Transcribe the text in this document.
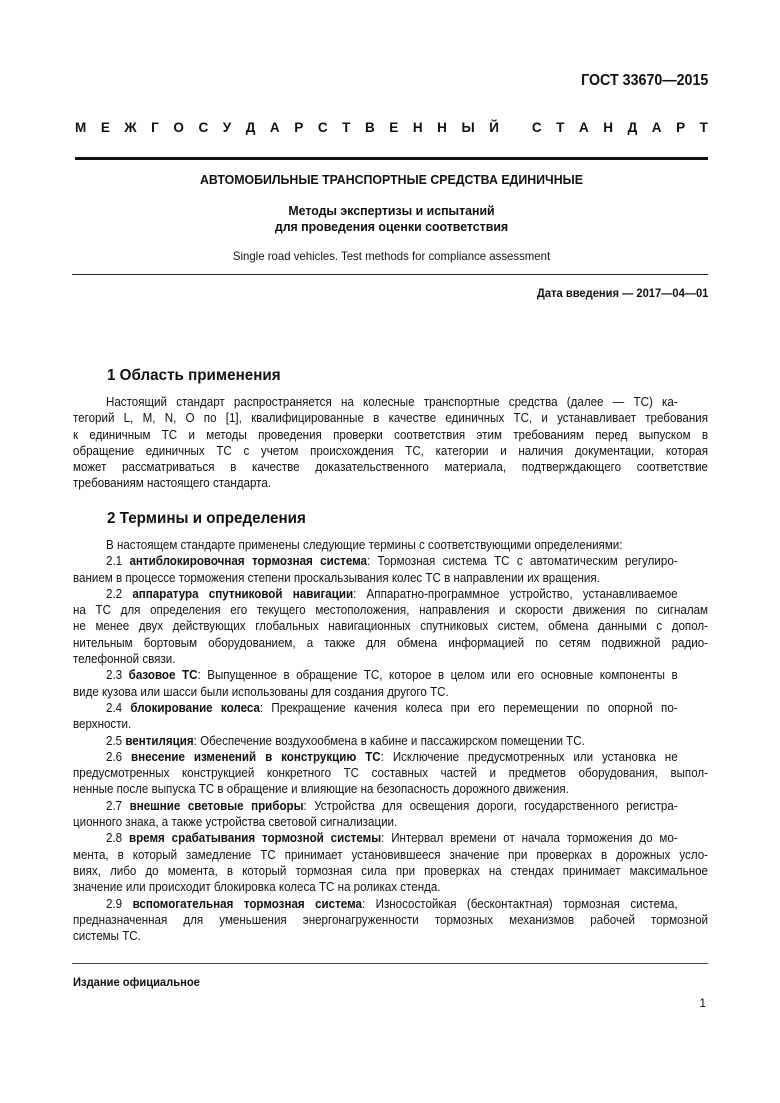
ГОСТ 33670—2015
М Е Ж Г О С У Д А Р С Т В Е Н Н Ы Й
С Т А Н Д А Р Т
АВТОМОБИЛЬНЫЕ ТРАНСПОРТНЫЕ СРЕДСТВА ЕДИНИЧНЫЕ
Методы экспертизы и испытаний
для проведения оценки соответствия
Single road vehicles. Test methods for compliance assessment
Дата введения — 2017—04—01
1 Область применения
Настоящий стандарт распространяется на колесные транспортные средства (далее — ТС) ка-
тегорий L, M, N, O по [1], квалифицированные в качестве единичных ТС, и устанавливает требования
к единичным ТС и методы проведения проверки соответствия этим требованиям перед выпуском в
обращение единичных ТС с учетом происхождения ТС, категории и наличия документации, которая
может рассматриваться в качестве доказательственного материала, подтверждающего соответствие
требованиям настоящего стандарта.
2 Термины и определения
В настоящем стандарте применены следующие термины с соответствующими определениями:
2.1 антиблокировочная тормозная система: Тормозная система ТС с автоматическим регулиро-
ванием в процессе торможения степени проскальзывания колес ТС в направлении их вращения.
2.2 аппаратура спутниковой навигации: Аппаратно-программное устройство, устанавливаемое
на ТС для определения его текущего местоположения, направления и скорости движения по сигналам
не менее двух действующих глобальных навигационных спутниковых систем, обмена данными с допол-
нительным бортовым оборудованием, а также для обмена информацией по сетям подвижной радио-
телефонной связи.
2.3 базовое ТС: Выпущенное в обращение ТС, которое в целом или его основные компоненты в
виде кузова или шасси были использованы для создания другого ТС.
2.4 блокирование колеса: Прекращение качения колеса при его перемещении по опорной по-
верхности.
2.5 вентиляция: Обеспечение воздухообмена в кабине и пассажирском помещении ТС.
2.6 внесение изменений в конструкцию ТС: Исключение предусмотренных или установка не
предусмотренных конструкцией конкретного ТС составных частей и предметов оборудования, выпол-
ненные после выпуска ТС в обращение и влияющие на безопасность дорожного движения.
2.7 внешние световые приборы: Устройства для освещения дороги, государственного регистра-
ционного знака, а также устройства световой сигнализации.
2.8 время срабатывания тормозной системы: Интервал времени от начала торможения до мо-
мента, в который замедление ТС принимает установившееся значение при проверках в дорожных усло-
виях, либо до момента, в который тормозная сила при проверках на стендах принимает максимальное
значение или происходит блокировка колеса ТС на роликах стенда.
2.9 вспомогательная тормозная система: Износостойкая (бесконтактная) тормозная система,
предназначенная для уменьшения энергонагруженности тормозных механизмов рабочей тормозной
системы ТС.
Издание официальное
1
